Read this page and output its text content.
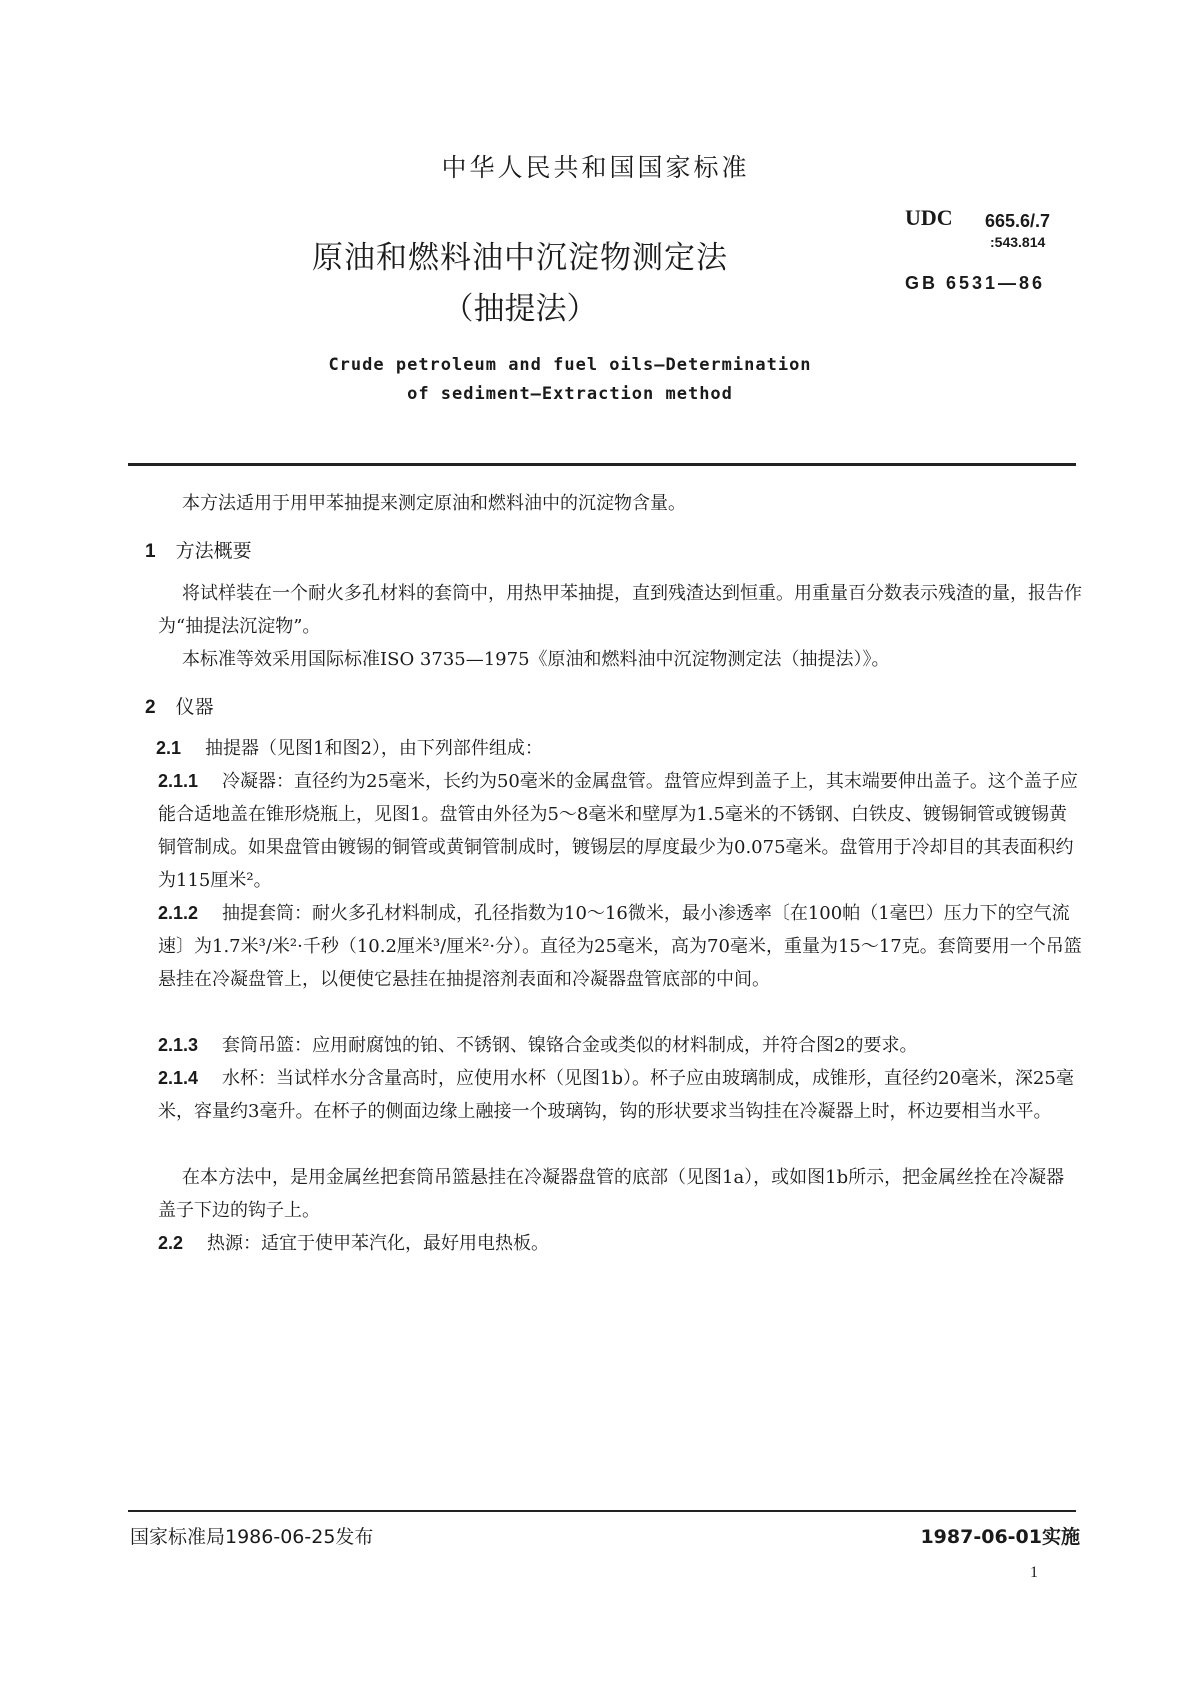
中华人民共和国国家标准
原油和燃料油中沉淀物测定法
（抽提法）
UDC 665.6/.7
:543.814
GB 6531—86
Crude petroleum and fuel oils—Determination
of sediment—Extraction method
本方法适用于用甲苯抽提来测定原油和燃料油中的沉淀物含量。
1 方法概要
将试样装在一个耐火多孔材料的套筒中，用热甲苯抽提，直到残渣达到恒重。用重量百分数表示残渣的量，报告作为“抽提法沉淀物”。
本标准等效采用国际标准ISO 3735—1975《原油和燃料油中沉淀物测定法（抽提法）》。
2 仪器
2.1 抽提器（见图1和图2），由下列部件组成：
2.1.1 冷凝器：直径约为25毫米，长约为50毫米的金属盘管。盘管应焊到盖子上，其末端要伸出盖子。这个盖子应能合适地盖在锥形烧瓶上，见图1。盘管由外径为5～8毫米和壁厚为1.5毫米的不锈钢、白铁皮、镀锡铜管或镀锡黄铜管制成。如果盘管由镀锡的铜管或黄铜管制成时，镀锡层的厚度最少为0.075毫米。盘管用于冷却目的其表面积约为115厘米²。
2.1.2 抽提套筒：耐火多孔材料制成，孔径指数为10～16微米，最小渗透率〔在100帕（1毫巴）压力下的空气流速〕为1.7米³/米²·千秒（10.2厘米³/厘米²·分）。直径为25毫米，高为70毫米，重量为15～17克。套筒要用一个吊篮悬挂在冷凝盘管上，以便使它悬挂在抽提溶剂表面和冷凝器盘管底部的中间。
2.1.3 套筒吊篮：应用耐腐蚀的铂、不锈钢、镍铬合金或类似的材料制成，并符合图2的要求。
2.1.4 水杯：当试样水分含量高时，应使用水杯（见图1b）。杯子应由玻璃制成，成锥形，直径约20毫米，深25毫米，容量约3毫升。在杯子的侧面边缘上融接一个玻璃钩，钩的形状要求当钩挂在冷凝器上时，杯边要相当水平。
在本方法中，是用金属丝把套筒吊篮悬挂在冷凝器盘管的底部（见图1a），或如图1b所示，把金属丝拴在冷凝器盖子下边的钩子上。
2.2 热源：适宜于使甲苯汽化，最好用电热板。
国家标准局1986-06-25发布	1987-06-01实施
1
